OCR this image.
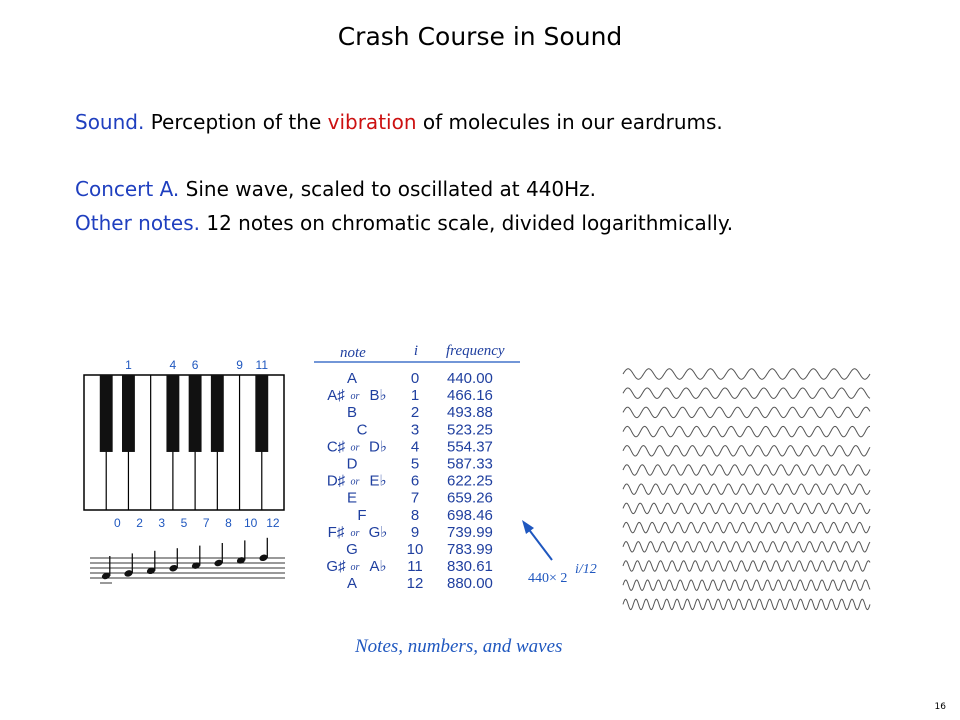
Crash Course in Sound
Sound. Perception of the vibration of molecules in our eardrums.
Concert A. Sine wave, scaled to oscillated at 440Hz.
Other notes. 12 notes on chromatic scale, divided logarithmically.
0 2 3 5 7 8 10 12
1	4 6	9 11
note	i frequency
A	0 440.00
A♯ or B♭ 1 466.16
B	2 493.88
C	3 523.25
C♯ or D♭ 4 554.37
D	5 587.33
D♯ or E♭ 6 622.25
E	7 659.26
F	8 698.46
F♯ or G♭ 9 739.99
G	10 783.99
G♯ or A♭ 11 830.61
A	12 880.00	440× 2
i/12
Notes, numbers, and waves
16
